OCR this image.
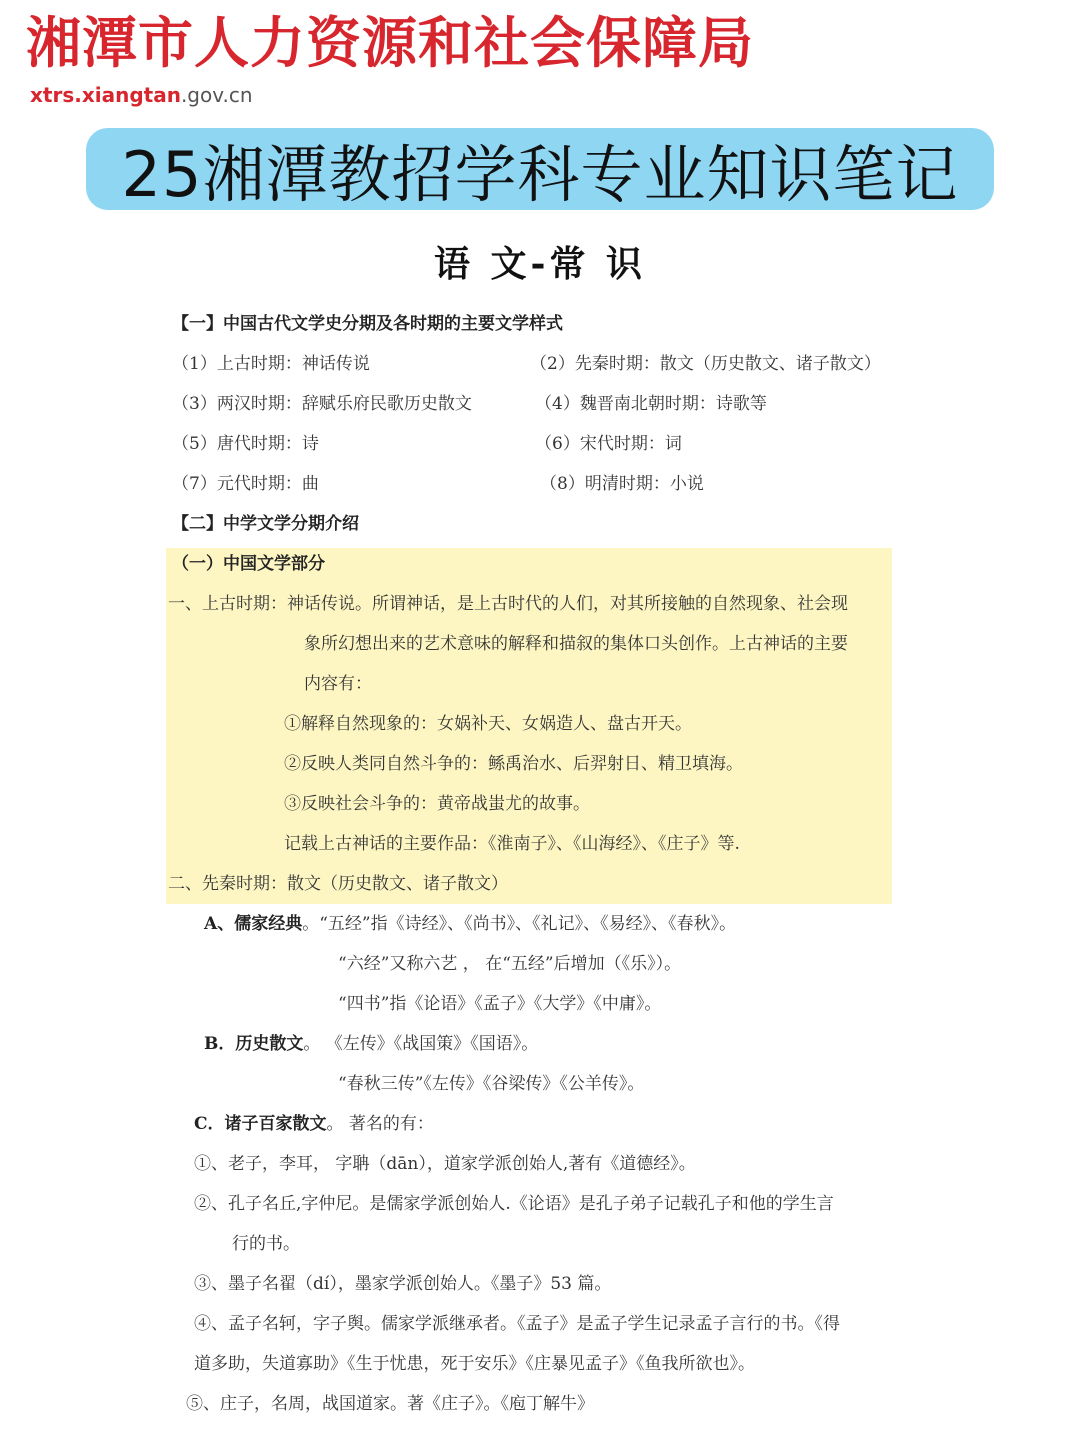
湘潭市人力资源和社会保障局
xtrs.xiangtan.gov.cn
25湘潭教招学科专业知识笔记
语 文-常 识
【一】中国古代文学史分期及各时期的主要文学样式
（1）上古时期：神话传说	（2）先秦时期：散文（历史散文、诸子散文）
（3）两汉时期：辞赋乐府民歌历史散文	（4）魏晋南北朝时期：诗歌等
（5）唐代时期：诗	（6）宋代时期：词
（7）元代时期：曲	（8）明清时期：小说
【二】中学文学分期介绍
（一）中国文学部分
一、上古时期：神话传说。所谓神话，是上古时代的人们，对其所接触的自然现象、社会现
象所幻想出来的艺术意味的解释和描叙的集体口头创作。上古神话的主要
内容有：
①解释自然现象的：女娲补天、女娲造人、盘古开天。
②反映人类同自然斗争的：鲧禹治水、后羿射日、精卫填海。
③反映社会斗争的：黄帝战蚩尤的故事。
记载上古神话的主要作品：《淮南子》、《山海经》、《庄子》等.
二、先秦时期：散文（历史散文、诸子散文）
A、儒家经典。“五经”指《诗经》、《尚书》、《礼记》、《易经》、《春秋》。
“六经”又称六艺 ， 在“五经”后增加（《乐》）。
“四书”指《论语》《孟子》《大学》《中庸》。
B．历史散文。 《左传》《战国策》《国语》。
“春秋三传”《左传》《谷梁传》《公羊传》。
C．诸子百家散文。 著名的有：
①、老子，李耳， 字聃（dān），道家学派创始人,著有《道德经》。
②、孔子名丘,字仲尼。是儒家学派创始人.《论语》是孔子弟子记载孔子和他的学生言
行的书。
③、墨子名翟（dí），墨家学派创始人。《墨子》53 篇。
④、孟子名轲，字子舆。儒家学派继承者。《孟子》是孟子学生记录孟子言行的书。《得
道多助，失道寡助》《生于忧患，死于安乐》《庄暴见孟子》《鱼我所欲也》。
⑤、庄子，名周，战国道家。著《庄子》。《庖丁解牛》
